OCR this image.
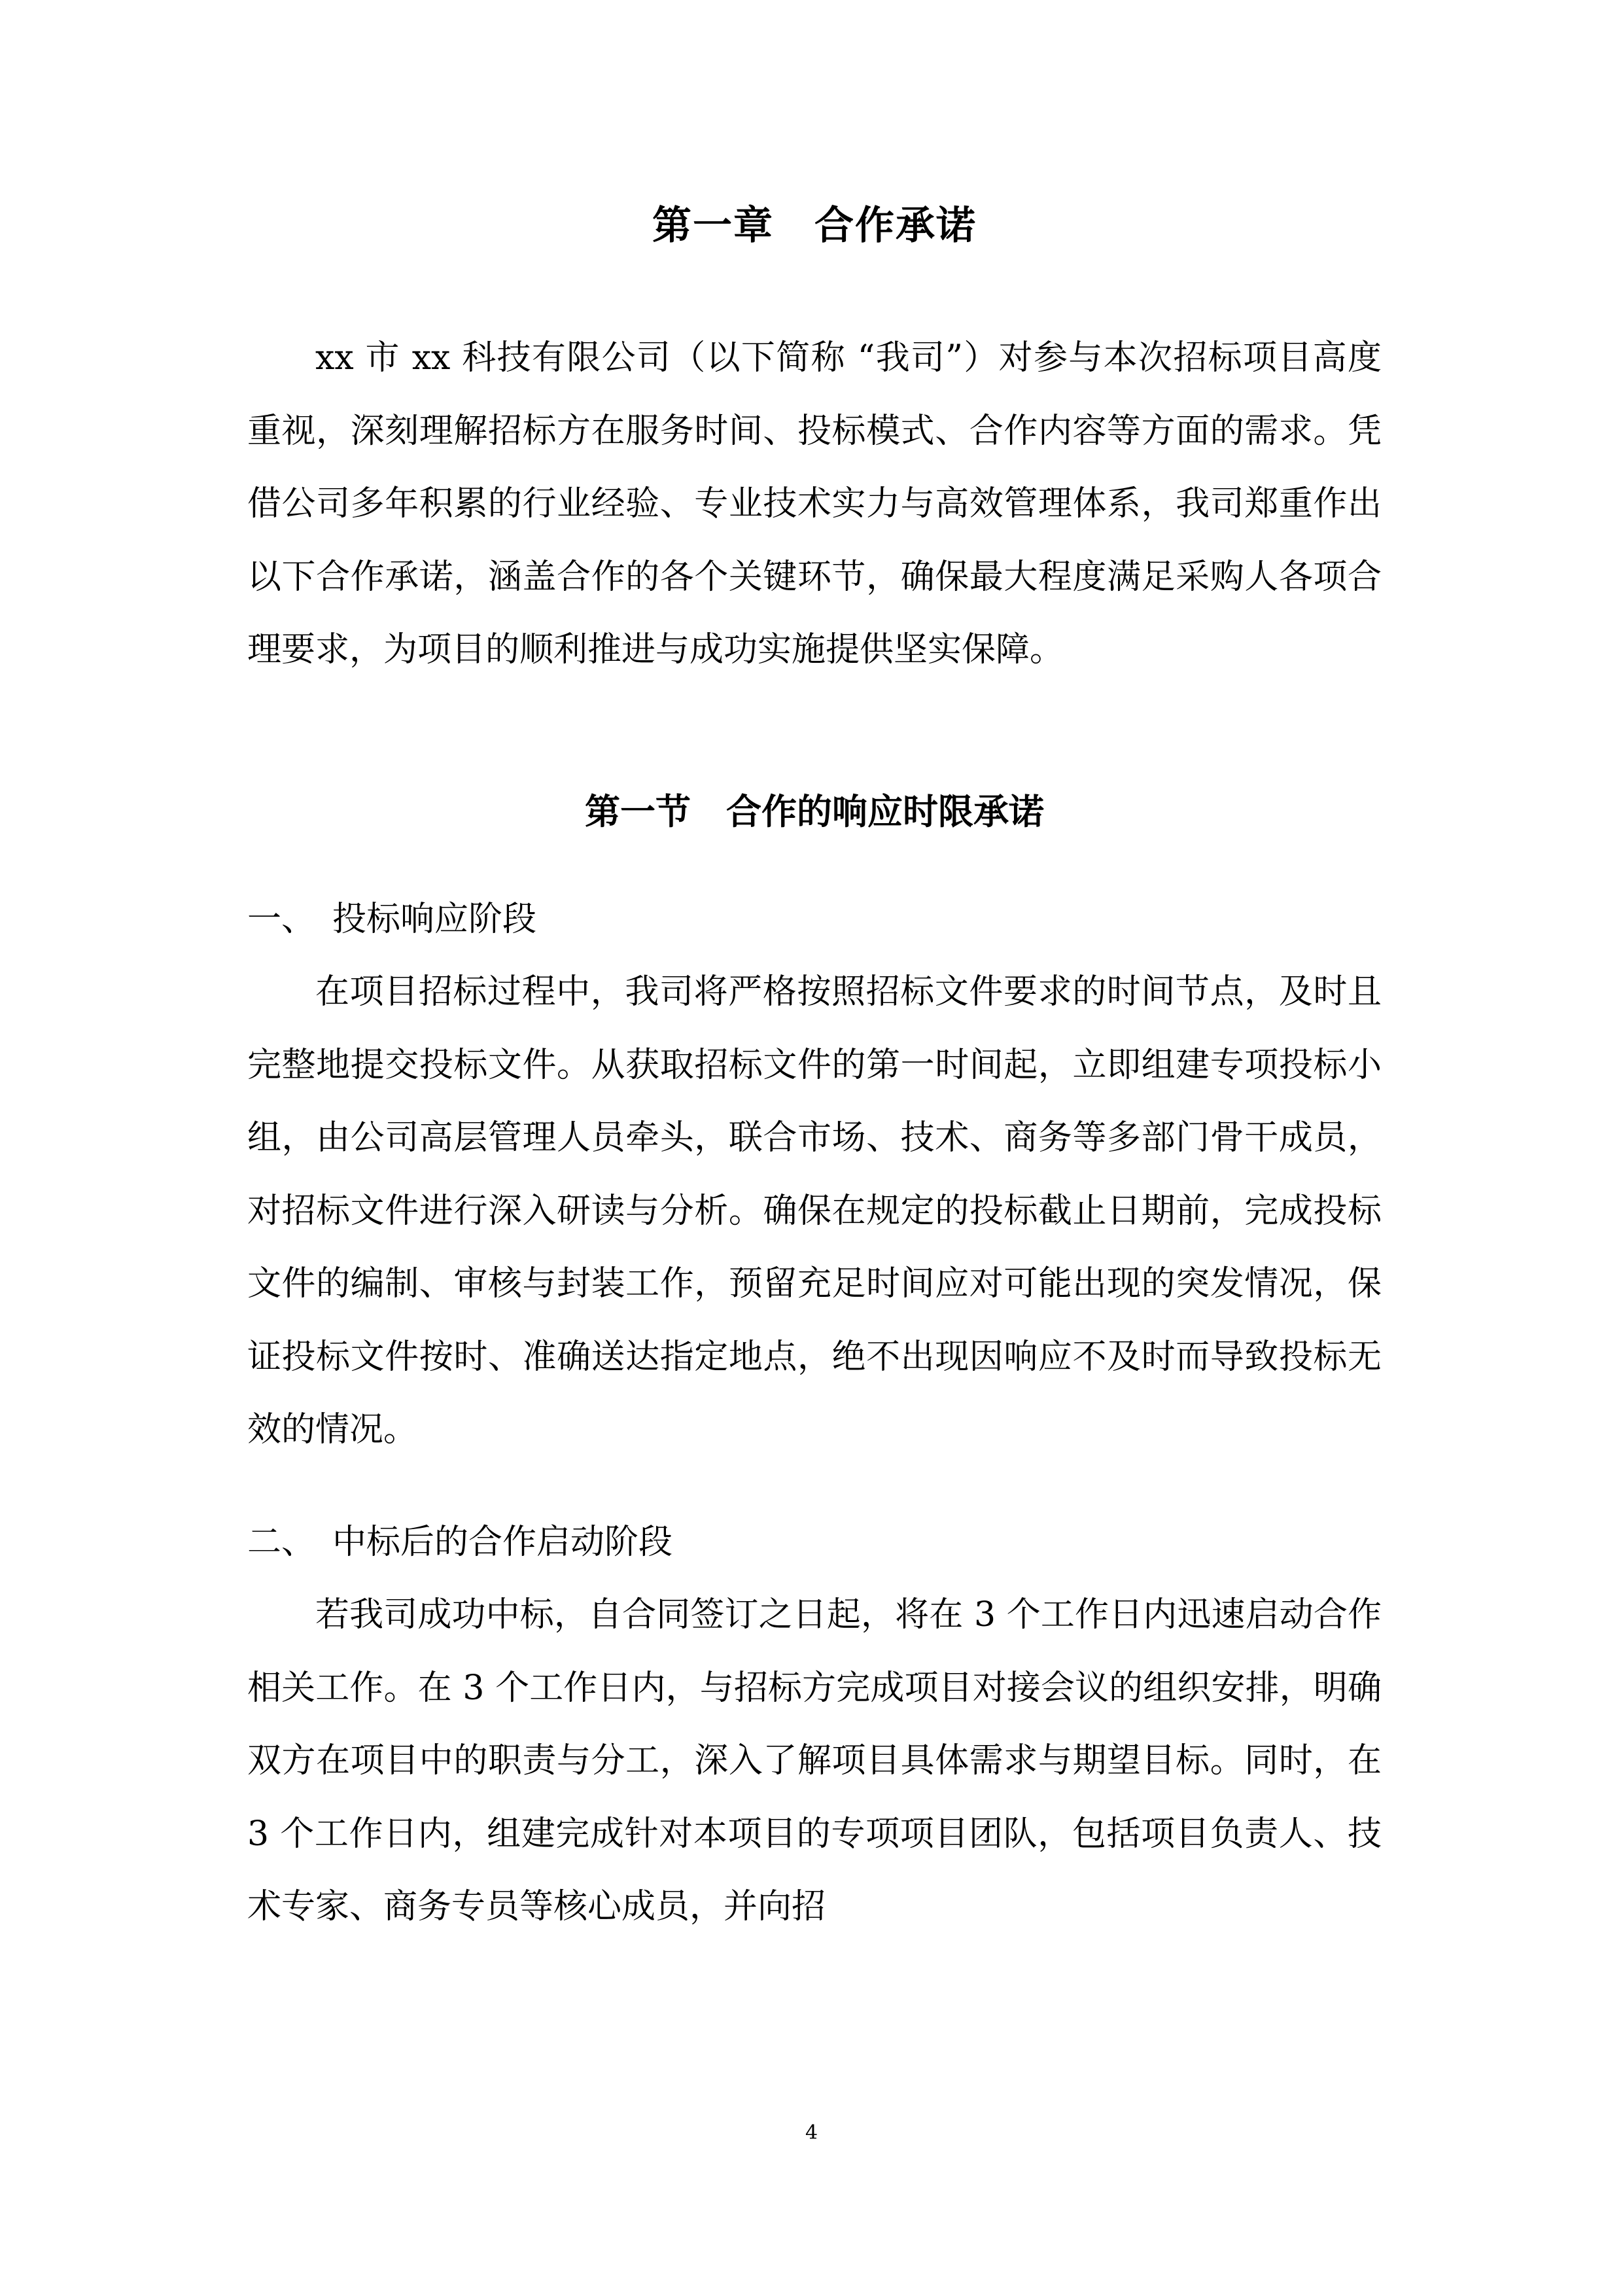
第一章　合作承诺

xx 市 xx 科技有限公司（以下简称 “我司”）对参与本次招标项目高度重视，深刻理解招标方在服务时间、投标模式、合作内容等方面的需求。凭借公司多年积累的行业经验、专业技术实力与高效管理体系，我司郑重作出以下合作承诺，涵盖合作的各个关键环节，确保最大程度满足采购人各项合理要求，为项目的顺利推进与成功实施提供坚实保障。

第一节　合作的响应时限承诺
一、　投标响应阶段

在项目招标过程中，我司将严格按照招标文件要求的时间节点，及时且完整地提交投标文件。从获取招标文件的第一时间起，立即组建专项投标小组，由公司高层管理人员牵头，联合市场、技术、商务等多部门骨干成员，对招标文件进行深入研读与分析。确保在规定的投标截止日期前，完成投标文件的编制、审核与封装工作，预留充足时间应对可能出现的突发情况，保证投标文件按时、准确送达指定地点，绝不出现因响应不及时而导致投标无效的情况。

二、　中标后的合作启动阶段

若我司成功中标，自合同签订之日起，将在 3 个工作日内迅速启动合作相关工作。在 3 个工作日内，与招标方完成项目对接会议的组织安排，明确双方在项目中的职责与分工，深入了解项目具体需求与期望目标。同时，在 3 个工作日内，组建完成针对本项目的专项项目团队，包括项目负责人、技术专家、商务专员等核心成员，并向招

4
